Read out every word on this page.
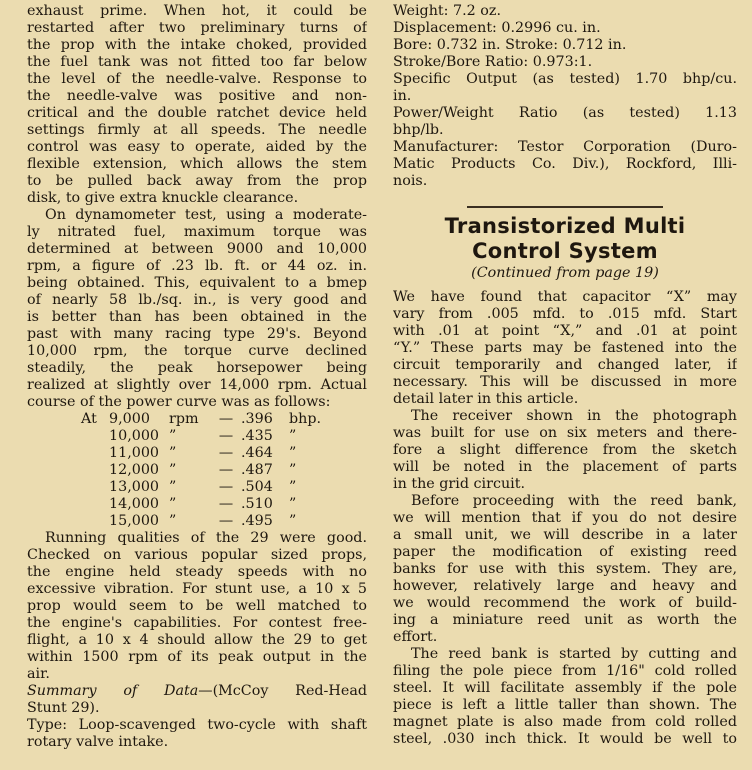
exhaust prime. When hot, it could be
restarted after two preliminary turns of
the prop with the intake choked, provided
the fuel tank was not fitted too far below
the level of the needle-valve. Response to
the needle-valve was positive and non-
critical and the double ratchet device held
settings firmly at all speeds. The needle
control was easy to operate, aided by the
flexible extension, which allows the stem
to be pulled back away from the prop
disk, to give extra knuckle clearance.
On dynamometer test, using a moderate-
ly nitrated fuel, maximum torque was
determined at between 9000 and 10,000
rpm, a figure of .23 lb. ft. or 44 oz. in.
being obtained. This, equivalent to a bmep
of nearly 58 lb./sq. in., is very good and
is better than has been obtained in the
past with many racing type 29's. Beyond
10,000 rpm, the torque curve declined
steadily, the peak horsepower being
realized at slightly over 14,000 rpm. Actual
course of the power curve was as follows:
At 9,000	rpm	— .396	bhp.
10,000 ”	— .435	”
11,000 ”	— .464	”
12,000 ”	— .487	”
13,000 ”	— .504	”
14,000 ”	— .510	”
15,000 ”	— .495	”
Running qualities of the 29 were good.
Checked on various popular sized props,
the engine held steady speeds with no
excessive vibration. For stunt use, a 10 x 5
prop would seem to be well matched to
the engine's capabilities. For contest free-
flight, a 10 x 4 should allow the 29 to get
within 1500 rpm of its peak output in the
air.
Summary of Data—(McCoy Red-Head
Stunt 29).
Type: Loop-scavenged two-cycle with shaft
rotary valve intake.
Weight: 7.2 oz.
Displacement: 0.2996 cu. in.
Bore: 0.732 in. Stroke: 0.712 in.
Stroke/Bore Ratio: 0.973:1.
Specific Output (as tested) 1.70 bhp/cu.
in.
Power/Weight Ratio (as tested) 1.13
bhp/lb.
Manufacturer: Testor Corporation (Duro-
Matic Products Co. Div.), Rockford, Illi-
nois.
Transistorized Multi
Control System
(Continued from page 19)
We have found that capacitor “X” may
vary from .005 mfd. to .015 mfd. Start
with .01 at point “X,” and .01 at point
“Y.” These parts may be fastened into the
circuit temporarily and changed later, if
necessary. This will be discussed in more
detail later in this article.
The receiver shown in the photograph
was built for use on six meters and there-
fore a slight difference from the sketch
will be noted in the placement of parts
in the grid circuit.
Before proceeding with the reed bank,
we will mention that if you do not desire
a small unit, we will describe in a later
paper the modification of existing reed
banks for use with this system. They are,
however, relatively large and heavy and
we would recommend the work of build-
ing a miniature reed unit as worth the
effort.
The reed bank is started by cutting and
filing the pole piece from 1/16" cold rolled
steel. It will facilitate assembly if the pole
piece is left a little taller than shown. The
magnet plate is also made from cold rolled
steel, .030 inch thick. It would be well to
